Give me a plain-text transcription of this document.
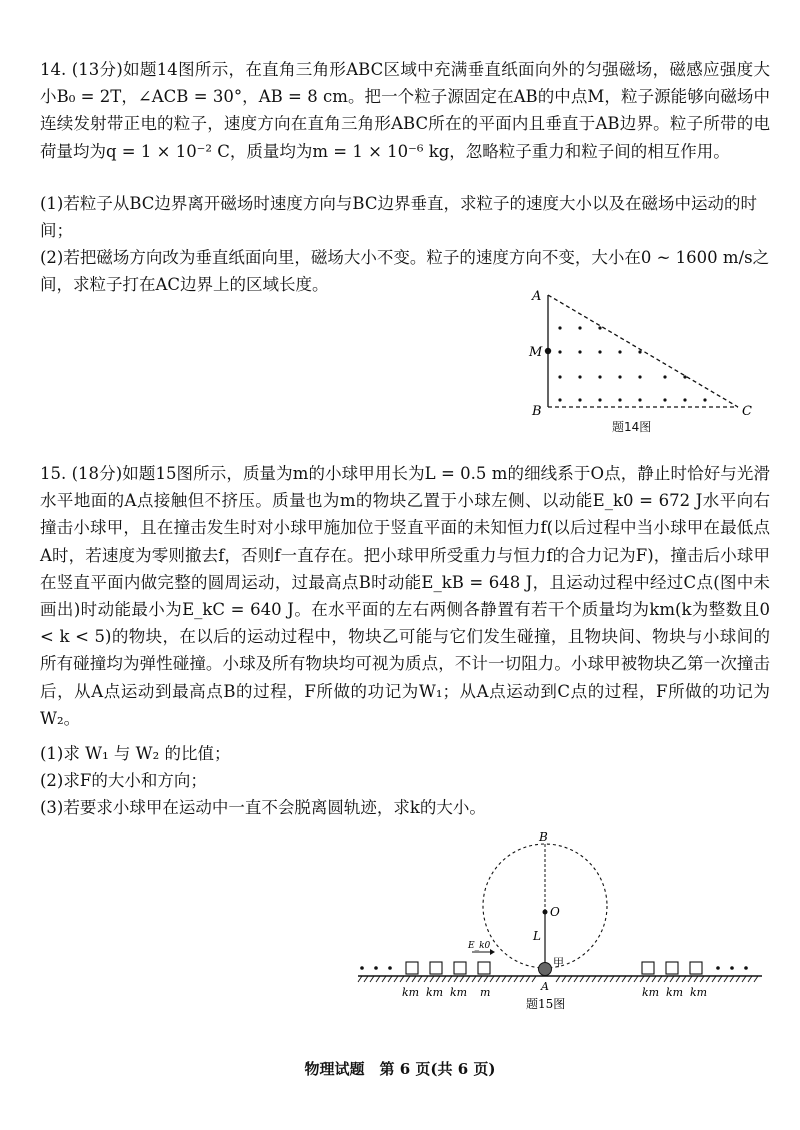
14. (13分)如题14图所示，在直角三角形ABC区域中充满垂直纸面向外的匀强磁场，磁感应强度大小B₀ = 2T，∠ACB = 30°，AB = 8 cm。把一个粒子源固定在AB的中点M，粒子源能够向磁场中连续发射带正电的粒子，速度方向在直角三角形ABC所在的平面内且垂直于AB边界。粒子所带的电荷量均为q = 1 × 10⁻² C，质量均为m = 1 × 10⁻⁶ kg，忽略粒子重力和粒子间的相互作用。

(1)若粒子从BC边界离开磁场时速度方向与BC边界垂直，求粒子的速度大小以及在磁场中运动的时间；

(2)若把磁场方向改为垂直纸面向里，磁场大小不变。粒子的速度方向不变，大小在0 ~ 1600 m/s之间，求粒子打在AC边界上的区域长度。

A
M
B	C
题14图

15. (18分)如题15图所示，质量为m的小球甲用长为L = 0.5 m的细线系于O点，静止时恰好与光滑水平地面的A点接触但不挤压。质量也为m的物块乙置于小球左侧、以动能E_k0 = 672 J水平向右撞击小球甲，且在撞击发生时对小球甲施加位于竖直平面的未知恒力f(以后过程中当小球甲在最低点A时，若速度为零则撤去f，否则f一直存在。把小球甲所受重力与恒力f的合力记为F)，撞击后小球甲在竖直平面内做完整的圆周运动，过最高点B时动能E_kB = 648 J，且运动过程中经过C点(图中未画出)时动能最小为E_kC = 640 J。在水平面的左右两侧各静置有若干个质量均为km(k为整数且0 < k < 5)的物块，在以后的运动过程中，物块乙可能与它们发生碰撞，且物块间、物块与小球间的所有碰撞均为弹性碰撞。小球及所有物块均可视为质点，不计一切阻力。小球甲被物块乙第一次撞击后，从A点运动到最高点B的过程，F所做的功记为W₁；从A点运动到C点的过程，F所做的功记为W₂。

(1)求 W₁ 与 W₂ 的比值；
(2)求F的大小和方向；
(3)若要求小球甲在运动中一直不会脱离圆轨迹，求k的大小。
E_k0
B
O
L
甲
A
km km km m	km km km
题15图
物理试题　第 6 页(共 6 页)
